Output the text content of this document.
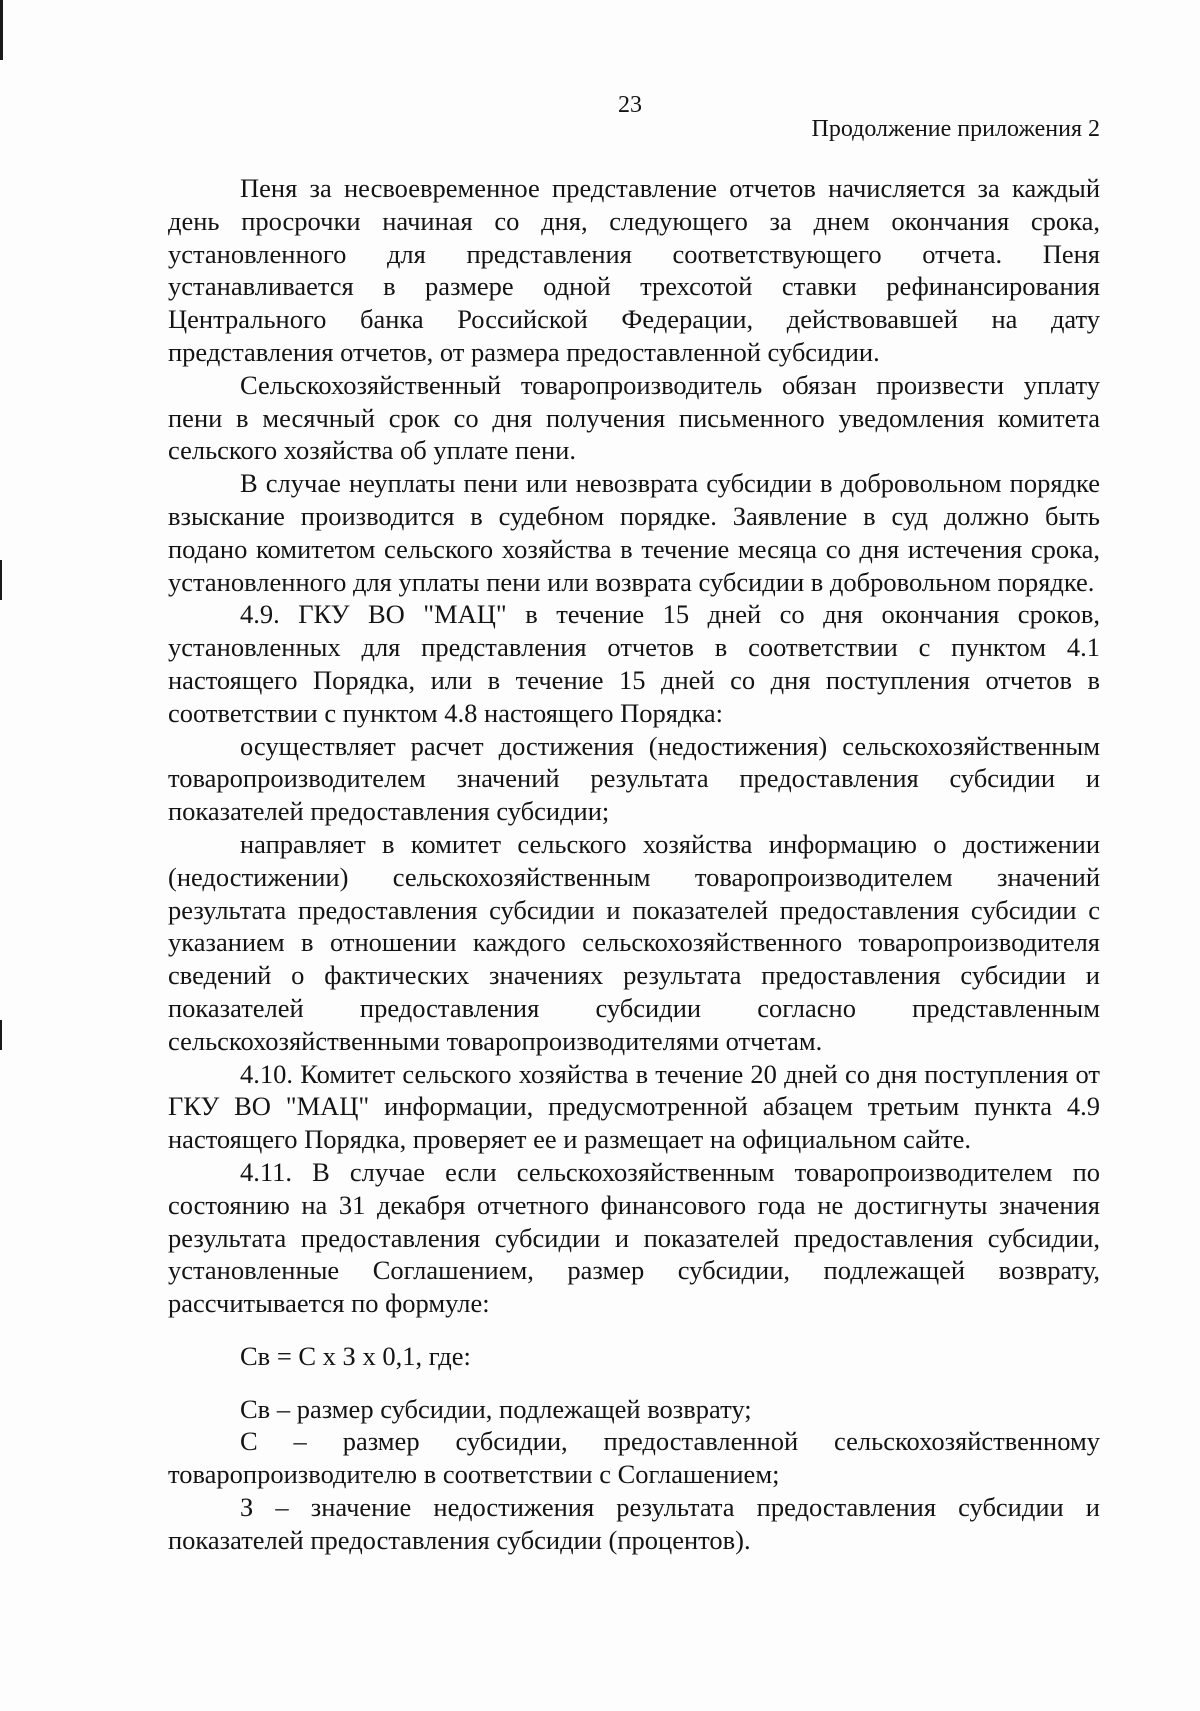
23
Продолжение приложения 2

Пеня за несвоевременное представление отчетов начисляется за каждый день просрочки начиная со дня, следующего за днем окончания срока, установленного для представления соответствующего отчета. Пеня устанавливается в размере одной трехсотой ставки рефинансирования Центрального банка Российской Федерации, действовавшей на дату представления отчетов, от размера предоставленной субсидии.

Сельскохозяйственный товаропроизводитель обязан произвести уплату пени в месячный срок со дня получения письменного уведомления комитета сельского хозяйства об уплате пени.

В случае неуплаты пени или невозврата субсидии в добровольном порядке взыскание производится в судебном порядке. Заявление в суд должно быть подано комитетом сельского хозяйства в течение месяца со дня истечения срока, установленного для уплаты пени или возврата субсидии в добровольном порядке.

4.9. ГКУ ВО "МАЦ" в течение 15 дней со дня окончания сроков, установленных для представления отчетов в соответствии с пунктом 4.1 настоящего Порядка, или в течение 15 дней со дня поступления отчетов в соответствии с пунктом 4.8 настоящего Порядка:

осуществляет расчет достижения (недостижения) сельскохозяйственным товаропроизводителем значений результата предоставления субсидии и показателей предоставления субсидии;

направляет в комитет сельского хозяйства информацию о достижении (недостижении) сельскохозяйственным товаропроизводителем значений результата предоставления субсидии и показателей предоставления субсидии с указанием в отношении каждого сельскохозяйственного товаропроизводителя сведений о фактических значениях результата предоставления субсидии и показателей предоставления субсидии согласно представленным сельскохозяйственными товаропроизводителями отчетам.

4.10. Комитет сельского хозяйства в течение 20 дней со дня поступления от ГКУ ВО "МАЦ" информации, предусмотренной абзацем третьим пункта 4.9 настоящего Порядка, проверяет ее и размещает на официальном сайте.

4.11. В случае если сельскохозяйственным товаропроизводителем по состоянию на 31 декабря отчетного финансового года не достигнуты значения результата предоставления субсидии и показателей предоставления субсидии, установленные Соглашением, размер субсидии, подлежащей возврату, рассчитывается по формуле:

Св = С х З х 0,1, где:

Св – размер субсидии, подлежащей возврату;

С – размер субсидии, предоставленной сельскохозяйственному товаропроизводителю в соответствии с Соглашением;

З – значение недостижения результата предоставления субсидии и показателей предоставления субсидии (процентов).
